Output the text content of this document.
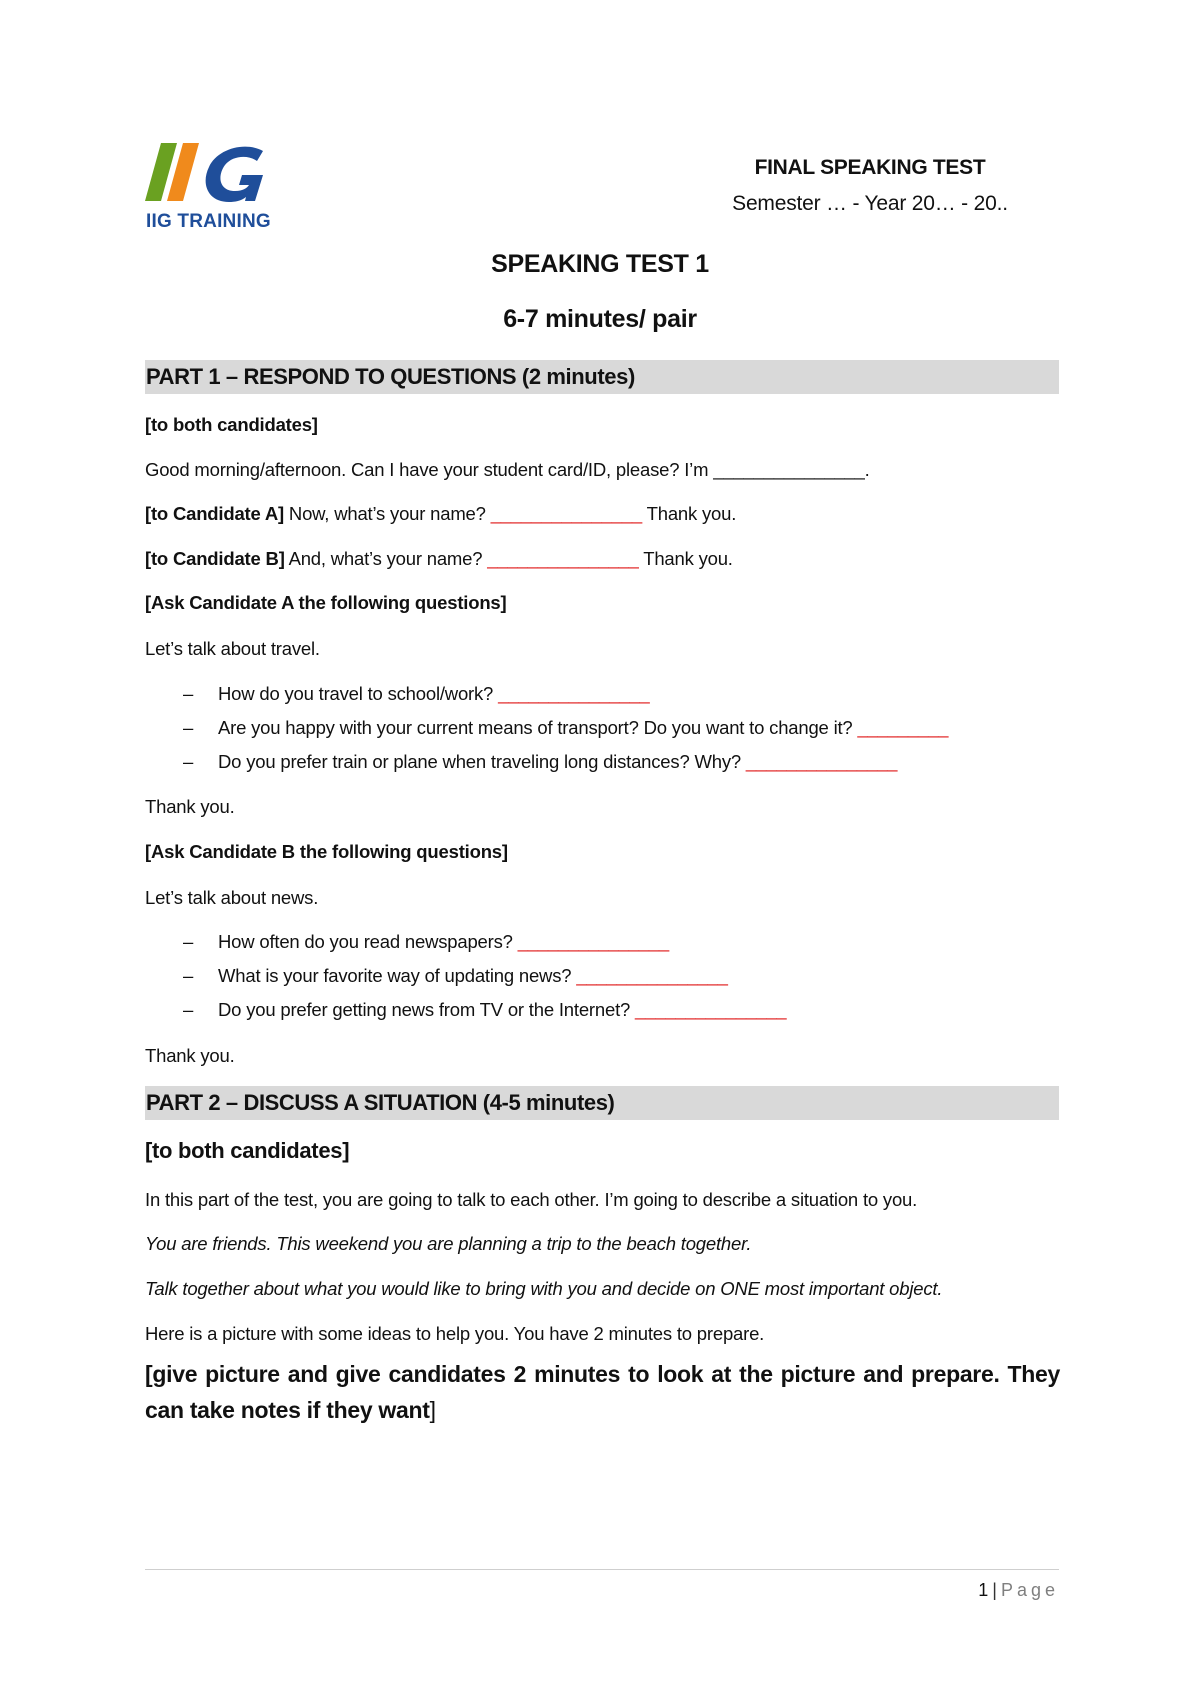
IIG TRAINING
FINAL SPEAKING TEST
Semester … - Year 20… - 20..
SPEAKING TEST 1
6-7 minutes/ pair
PART 1 – RESPOND TO QUESTIONS (2 minutes)
[to both candidates]
Good morning/afternoon. Can I have your student card/ID, please? I’m _______________.
[to Candidate A] Now, what’s your name? _______________ Thank you.
[to Candidate B] And, what’s your name? _______________ Thank you.
[Ask Candidate A the following questions]
Let’s talk about travel.
– How do you travel to school/work? _______________
– Are you happy with your current means of transport? Do you want to change it? _________
– Do you prefer train or plane when traveling long distances? Why? _______________
Thank you.
[Ask Candidate B the following questions]
Let’s talk about news.
– How often do you read newspapers? _______________
– What is your favorite way of updating news? _______________
– Do you prefer getting news from TV or the Internet? _______________
Thank you.
PART 2 – DISCUSS A SITUATION (4-5 minutes)
[to both candidates]
In this part of the test, you are going to talk to each other. I’m going to describe a situation to you.
You are friends. This weekend you are planning a trip to the beach together.
Talk together about what you would like to bring with you and decide on ONE most important object.
Here is a picture with some ideas to help you. You have 2 minutes to prepare.
[give picture and give candidates 2 minutes to look at the picture and prepare. They can take notes if they want]
1 | Page
